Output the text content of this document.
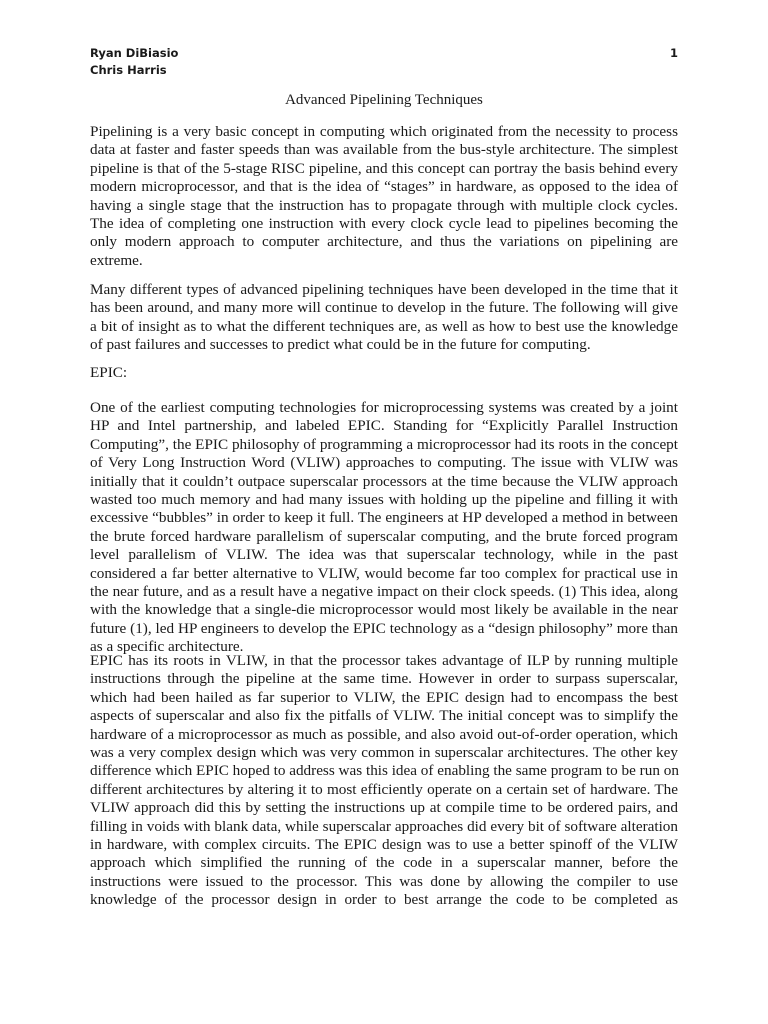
Ryan DiBiasio
Chris Harris
1
Advanced Pipelining Techniques
Pipelining is a very basic concept in computing which originated from the necessity to process
data at faster and faster speeds than was available from the bus-style architecture. The simplest
pipeline is that of the 5-stage RISC pipeline, and this concept can portray the basis behind every
modern microprocessor, and that is the idea of “stages” in hardware, as opposed to the idea of
having a single stage that the instruction has to propagate through with multiple clock cycles.
The idea of completing one instruction with every clock cycle lead to pipelines becoming the
only modern approach to computer architecture, and thus the variations on pipelining are
extreme.
Many different types of advanced pipelining techniques have been developed in the time that it
has been around, and many more will continue to develop in the future. The following will give
a bit of insight as to what the different techniques are, as well as how to best use the knowledge
of past failures and successes to predict what could be in the future for computing.
EPIC:
One of the earliest computing technologies for microprocessing systems was created by a joint
HP and Intel partnership, and labeled EPIC. Standing for “Explicitly Parallel Instruction
Computing”, the EPIC philosophy of programming a microprocessor had its roots in the concept
of Very Long Instruction Word (VLIW) approaches to computing. The issue with VLIW was
initially that it couldn’t outpace superscalar processors at the time because the VLIW approach
wasted too much memory and had many issues with holding up the pipeline and filling it with
excessive “bubbles” in order to keep it full. The engineers at HP developed a method in between
the brute forced hardware parallelism of superscalar computing, and the brute forced program
level parallelism of VLIW. The idea was that superscalar technology, while in the past
considered a far better alternative to VLIW, would become far too complex for practical use in
the near future, and as a result have a negative impact on their clock speeds. (1) This idea, along
with the knowledge that a single-die microprocessor would most likely be available in the near
future (1), led HP engineers to develop the EPIC technology as a “design philosophy” more than
as a specific architecture.
EPIC has its roots in VLIW, in that the processor takes advantage of ILP by running multiple
instructions through the pipeline at the same time. However in order to surpass superscalar,
which had been hailed as far superior to VLIW, the EPIC design had to encompass the best
aspects of superscalar and also fix the pitfalls of VLIW. The initial concept was to simplify the
hardware of a microprocessor as much as possible, and also avoid out-of-order operation, which
was a very complex design which was very common in superscalar architectures. The other key
difference which EPIC hoped to address was this idea of enabling the same program to be run on
different architectures by altering it to most efficiently operate on a certain set of hardware. The
VLIW approach did this by setting the instructions up at compile time to be ordered pairs, and
filling in voids with blank data, while superscalar approaches did every bit of software alteration
in hardware, with complex circuits. The EPIC design was to use a better spinoff of the VLIW
approach which simplified the running of the code in a superscalar manner, before the
instructions were issued to the processor. This was done by allowing the compiler to use
knowledge of the processor design in order to best arrange the code to be completed as
